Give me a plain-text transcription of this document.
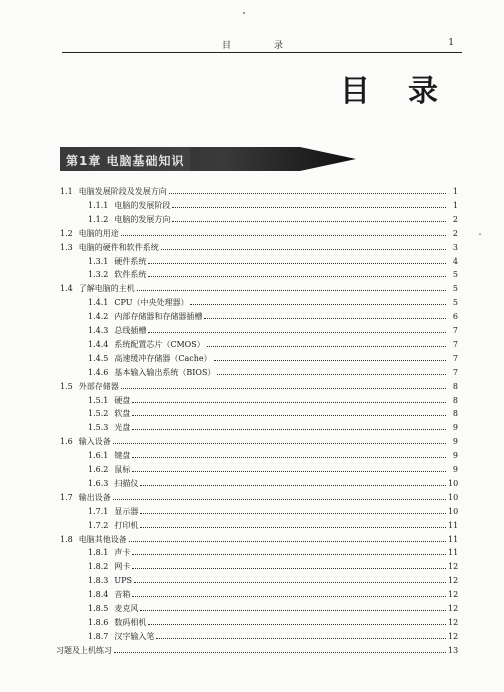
目	录	1
目 录
第1章 电脑基础知识
1.1 电脑发展阶段及发展方向	1
1.1.1 电脑的发展阶段	1
1.1.2 电脑的发展方向	2
1.2 电脑的用途	2
1.3 电脑的硬件和软件系统	3
1.3.1 硬件系统	4
1.3.2 软件系统	5
1.4 了解电脑的主机	5
1.4.1 CPU（中央处理器）	5
1.4.2 内部存储器和存储器插槽	6
1.4.3 总线插槽	7
1.4.4 系统配置芯片（CMOS）	7
1.4.5 高速缓冲存储器（Cache）	7
1.4.6 基本输入输出系统（BIOS）	7
1.5 外部存储器	8
1.5.1 硬盘	8
1.5.2 软盘	8
1.5.3 光盘	9
1.6 输入设备	9
1.6.1 键盘	9
1.6.2 鼠标	9
1.6.3 扫描仪	10
1.7 输出设备	10
1.7.1 显示器	10
1.7.2 打印机	11
1.8 电脑其他设备	11
1.8.1 声卡	11
1.8.2 网卡	12
1.8.3 UPS	12
1.8.4 音箱	12
1.8.5 麦克风	12
1.8.6 数码相机	12
1.8.7 汉字输入笔	12
习题及上机练习	13
ˇ
